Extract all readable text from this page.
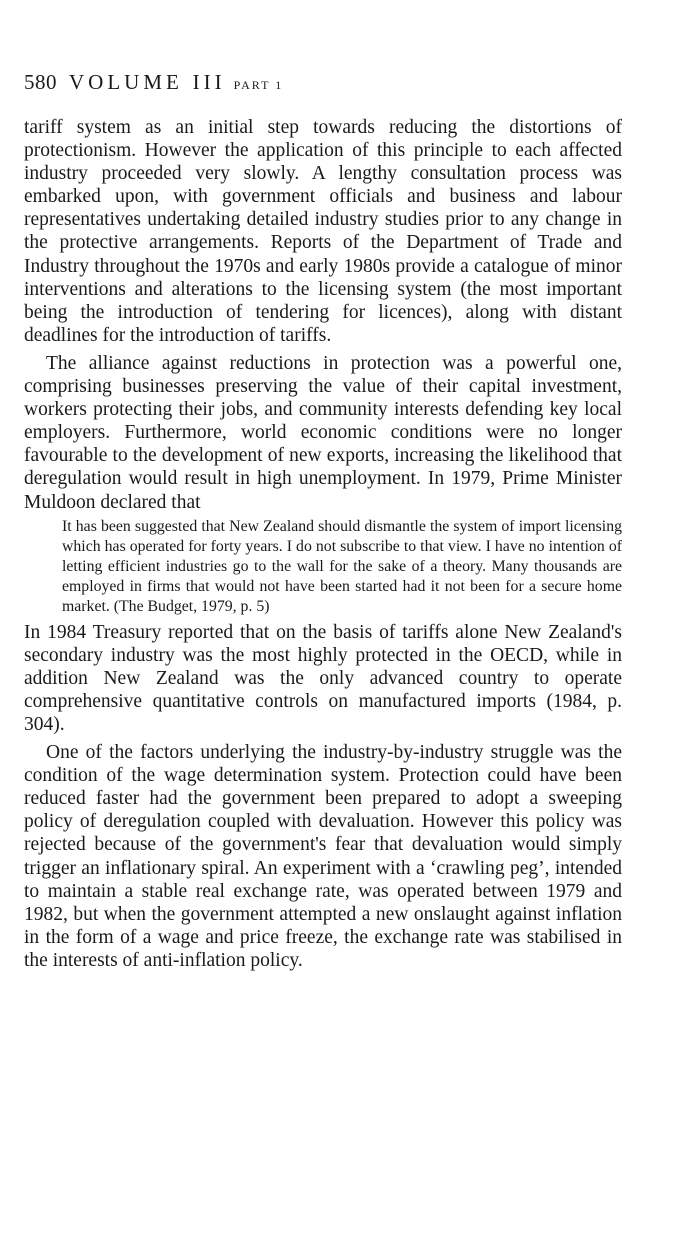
580 VOLUME III PART 1

tariff system as an initial step towards reducing the distortions of protectionism. However the application of this principle to each affected industry proceeded very slowly. A lengthy consultation process was embarked upon, with government officials and business and labour representatives undertaking detailed industry studies prior to any change in the protective arrangements. Reports of the Department of Trade and Industry throughout the 1970s and early 1980s provide a catalogue of minor interventions and alterations to the licensing system (the most important being the introduction of tendering for licences), along with distant deadlines for the introduction of tariffs.

The alliance against reductions in protection was a powerful one, comprising businesses preserving the value of their capital investment, workers protecting their jobs, and community interests defending key local employers. Furthermore, world economic conditions were no longer favourable to the development of new exports, increasing the likelihood that deregulation would result in high unemployment. In 1979, Prime Minister Muldoon declared that

It has been suggested that New Zealand should dismantle the system of import licensing which has operated for forty years. I do not subscribe to that view. I have no intention of letting efficient industries go to the wall for the sake of a theory. Many thousands are employed in firms that would not have been started had it not been for a secure home market. (The Budget, 1979, p. 5)

In 1984 Treasury reported that on the basis of tariffs alone New Zealand's secondary industry was the most highly protected in the OECD, while in addition New Zealand was the only advanced country to operate comprehensive quantitative controls on manufactured imports (1984, p. 304).

One of the factors underlying the industry-by-industry struggle was the condition of the wage determination system. Protection could have been reduced faster had the government been prepared to adopt a sweeping policy of deregulation coupled with devaluation. However this policy was rejected because of the government's fear that devaluation would simply trigger an inflationary spiral. An experiment with a ‘crawling peg’, intended to maintain a stable real exchange rate, was operated between 1979 and 1982, but when the government attempted a new onslaught against inflation in the form of a wage and price freeze, the exchange rate was stabilised in the interests of anti-inflation policy.
